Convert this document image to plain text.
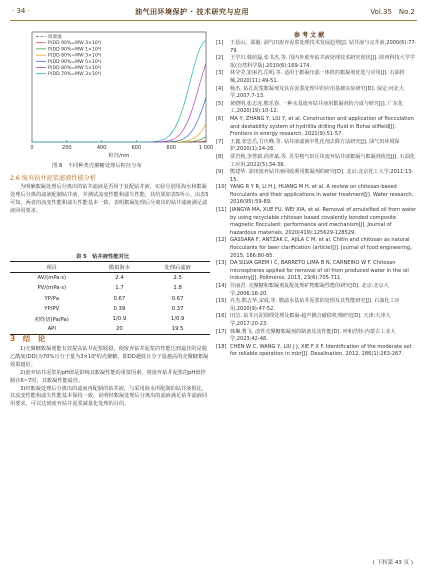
· 34 ·	油气田环境保护 · 技术研究与应用	Vol.35　No.2
0	200	400	600	800	1 000
粒径/nm
原废液
P(DD 90%=MW 3×10⁶)
P(DD 90%=MW 1×10⁶)
P(DD 80%=MW 3×10⁶)
P(DD 90%=MW 5×10⁶)
P(DD 80%=MW 5×10⁶)
P(DD 70%=MW 3×10⁶)
图 8　不同种类壳聚糖处理后粒径分布
2.6 废弃钻井泥浆滤液性能分析

为明确絮凝处理后分离出的钻井滤液是否用于复配钻井液，实验分别用海水和絮凝处理后分离的滤液配制钻井液，并测试流变性能和滤失性能，其结果如表5所示。由表5可知，两者的流变性能和滤失性能基本一致，表明絮凝处理后分离出的钻井滤液满足滤液回用要求。

表 5　钻井液性能对比
项目	模拟海水	处理后滤液
AV/(mPa·s)	2.4	2.5
PV/(mPa·s)	1.7	1.8
YP/Pa	0.67	0.67
YP/PV	0.39	0.37
初终切(Pa/Pa)	1/0.9	1/0.9
API	20	19.5
3　结　论

1)壳聚糖絮凝剂能有效提高钻井泥浆脱稳，使废弃钻井泥浆的性能达到最佳的是脱乙酰度(DD)为70%且分子量为3×10⁶的壳聚糖，即DD越低且分子量越高的壳聚糖絮凝效果越好。

2)废弃钻井泥浆的pH值是影响其絮凝性能的重要因素，将废弃钻井泥浆的pH值控制在6~7时，其絮凝性能最佳。

3)经絮凝处理后分离出的滤液再配制的钻井液，与采用海水所配制的钻井液相比，其流变性能和滤失性能基本保持一致，说明经絮凝处理后分离出的滤液满足钻井滤液回用要求，可以达到废弃钻井泥浆减量化处理的目的。

参 考 文 献
[1]	王蓓山，邵毅. 油气田废弃泥浆处理技术发展趋势[J]. 钻井液与完井液,2000(6):77-79.
[2]	王学川,韩煊磊,张书杰,等. 国内外废弃钻井液处理技术研究现状[J]. 陕西科技大学学报(自然科学版),2010(6):169-174.
[3]	林莹莹,崔丽君,岳明,等. 适用于絮凝压滤一体机的絮凝剂优选与应用[J]. 石油机械,2020(11):49-51.
[4]	杨杰. 钻孔泥浆絮凝剂及其在泥浆处理中的应用基础实验研究[D]. 保定:河北大学,2007:7-13.
[5]	黄晓明,张志虎,熊乐春. 一种水基废弃钻井液用絮凝剂的合成与研究[J]. 广东化工,2020(19):10-12.
[6]	MA Y, ZHANG Y, LIU Y, et al. Construction and application of flocculation and destability system of hydrillla drilling fluid in Bohai oilfield[J]. Frontiers in energy research, 2021(9):51-57.
[7]	王鑫,张忠岳,方庆峰,等. 钻井液滤液中乳化剂去除方法研究[J]. 油气田环境保护,2020(1):24-26.
[8]	贾君秋,李慧薪,尚世斌,等. 苏里格气田区块废弃钻井液絮凝与絮凝剂优选[J]. 石油化工应用,2022(5):34-36.
[9]	熊建华. 油田废弃钻井液回收利用絮凝剂的研究[D]. 北京:北京化工大学,2011:13-15.
[10] YANG R Y R, LI H J, HUANG M H, et al. A review on chitosan-based flocculants and their applications in water treatment[J]. Water research, 2016(95):59-89.
[11] JIANGYA MA, XUE FU, WEI XIA, et al. Removal of emulsified oil from water by using recyclable chitosan based covalently bonded composite magnetic flocculant: performance and mechanism[J]. Journal of hazardous materials, 2020(419):125629-128529.
[12] GASSARA F, ANTZAK C, AJILA C M, et al. Chitin and chitosan as natural flocculants for beer clarification (article)[J]. Journal of food engineering, 2015, 166:80-85.
[13] DA SILVA GREM I C, BARRETO LIMA B N, CARNEIRO W F. Chitosan microspheres applied for removal of oil from produced water in the oil industry[J]. Polímeros, 2013, 23(6):705-711.
[14] 任丽君. 壳聚糖和絮凝剂复配处理矿物絮凝性能的研究[D]. 北京:北京大学,2006:16-20.
[15] 许杰,熊志华,宋成,等. 膜滤水基钻井泥浆的处理及其性能研究[J]. 石油化工应用,2020(9):47-52.
[16] 田洁. 钻井污泥调理处理及絮凝-超声耦合破稳机理研究[D]. 天津:天津大学,2017:20-23.
[17] 韩琳,曹飞. 改性壳聚糖絮凝剂的制备及其性能[D]. 呼和浩特:内蒙古工业大学,2023:42-48.
[18] CHEN W C, WANG Y, LIU J J, XIE F X F. Identification of the moderate set for reliable operation in mbr[J]. Desalination, 2012, 286(1):263-267.
( 下转第 43 页 )
